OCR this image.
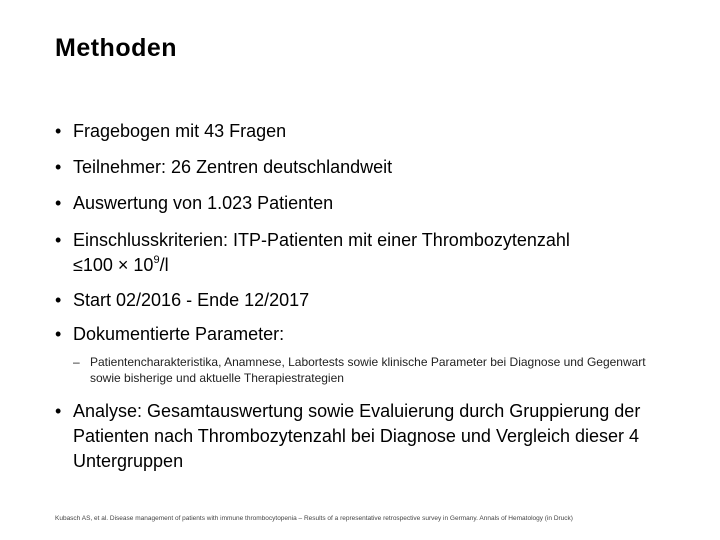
Methoden
• Fragebogen mit 43 Fragen
• Teilnehmer: 26 Zentren deutschlandweit
• Auswertung von 1.023 Patienten
• Einschlusskriterien: ITP-Patienten mit einer Thrombozytenzahl
$\le 100 \times 10^9/l$
• Start 02/2016 - Ende 12/2017
• Dokumentierte Parameter:
• Analyse: Gesamtauswertung sowie Evaluierung durch Gruppierung der Patienten nach Thrombozytenzahl bei Diagnose und Vergleich dieser 4 Untergruppen
– Patientencharakteristika, Anamnese, Labortests sowie klinische Parameter bei Diagnose und Gegenwart sowie bisherige und aktuelle Therapiestrategien
Kubasch AS, et al. Disease management of patients with immune thrombocytopenia – Results of a representative retrospective survey in Germany. Annals of Hematology (in Druck)
